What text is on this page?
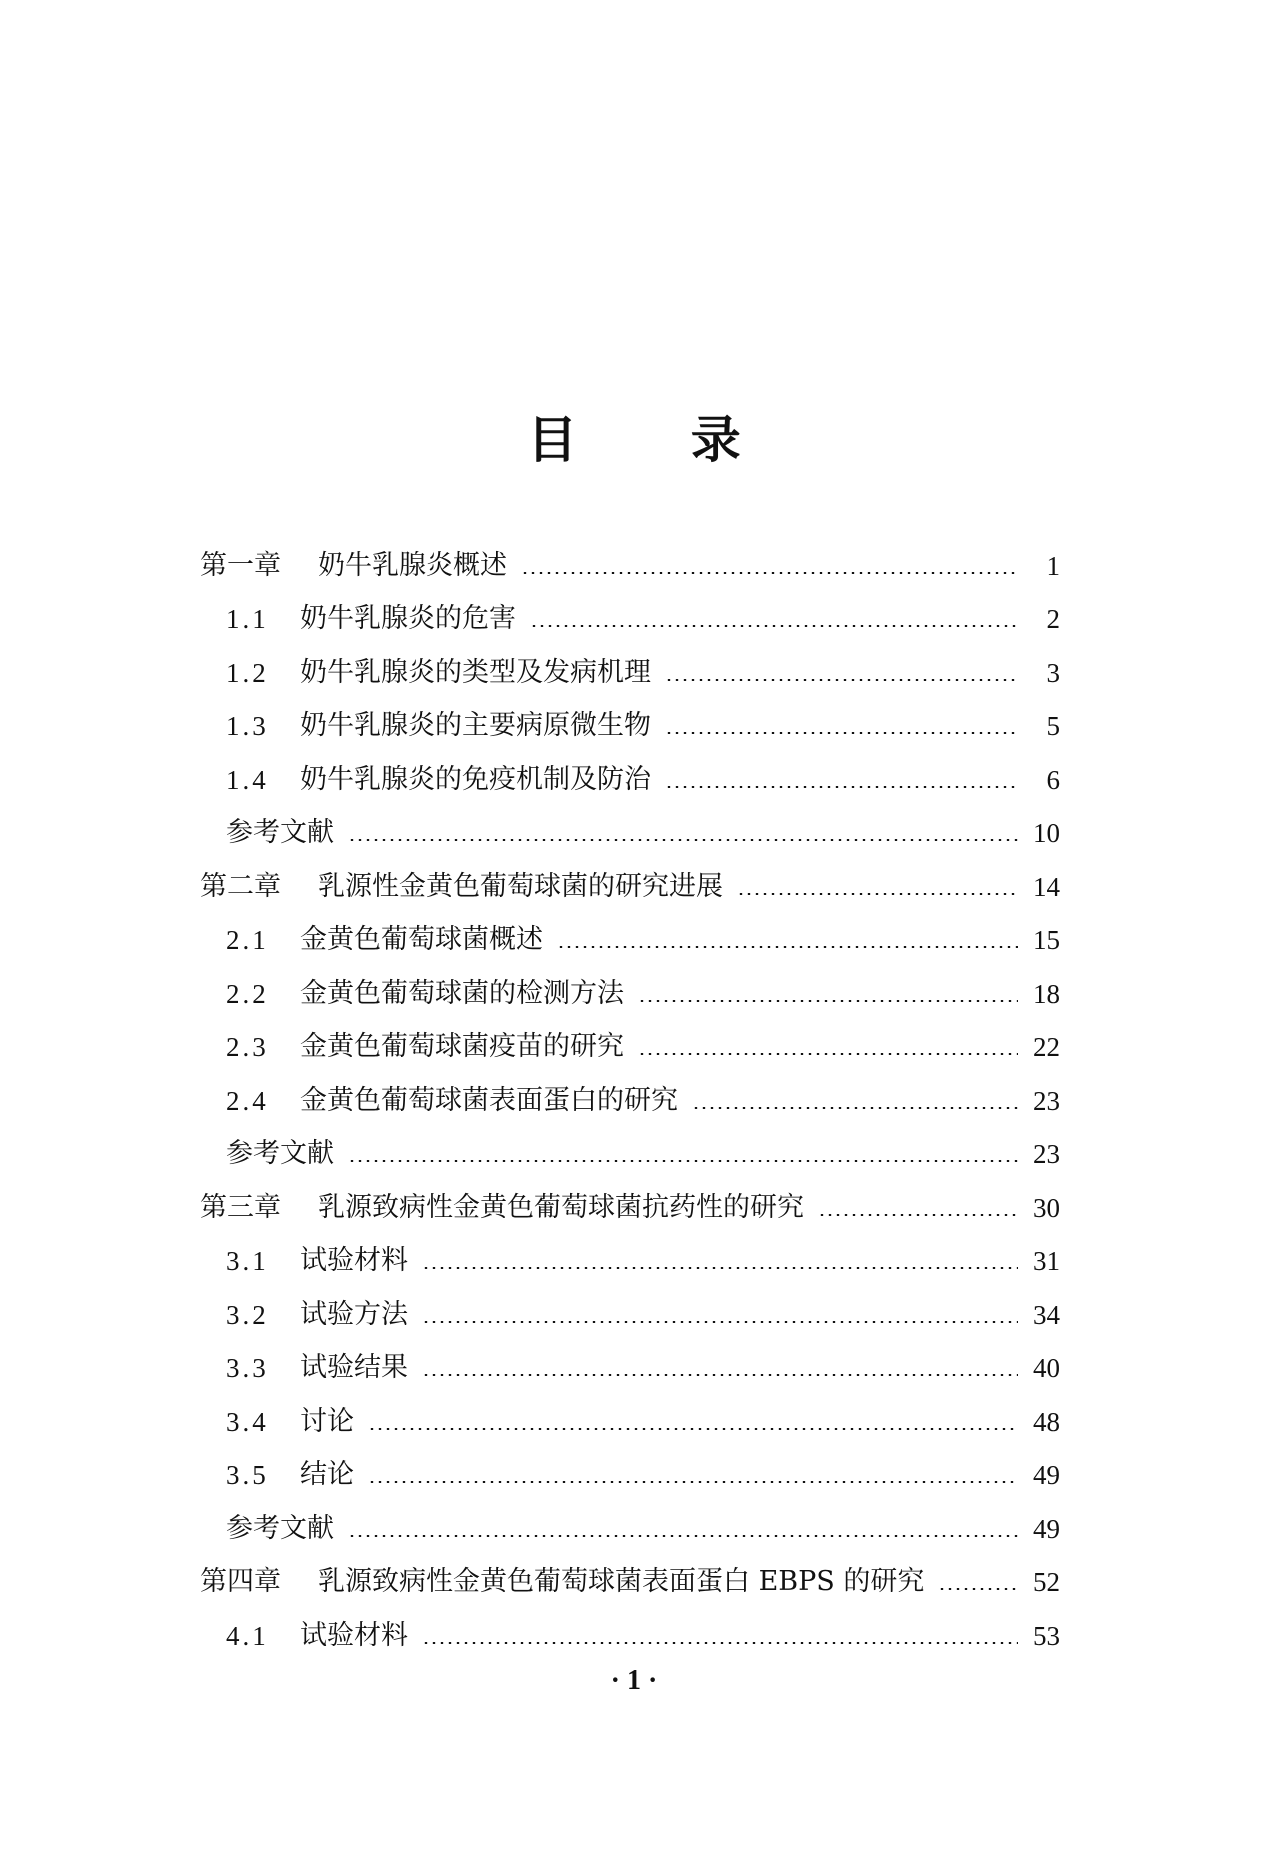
目 录
第一章	奶牛乳腺炎概述	1
1.1	奶牛乳腺炎的危害	2
1.2	奶牛乳腺炎的类型及发病机理	3
1.3	奶牛乳腺炎的主要病原微生物	5
1.4	奶牛乳腺炎的免疫机制及防治	6
参考文献	10
第二章	乳源性金黄色葡萄球菌的研究进展	14
2.1	金黄色葡萄球菌概述	15
2.2	金黄色葡萄球菌的检测方法	18
2.3	金黄色葡萄球菌疫苗的研究	22
2.4	金黄色葡萄球菌表面蛋白的研究	23
参考文献	23
第三章	乳源致病性金黄色葡萄球菌抗药性的研究	30
3.1	试验材料	31
3.2	试验方法	34
3.3	试验结果	40
3.4	讨论	48
3.5	结论	49
参考文献	49
第四章	乳源致病性金黄色葡萄球菌表面蛋白 EBPS 的研究	52
4.1	试验材料	53
· 1 ·
